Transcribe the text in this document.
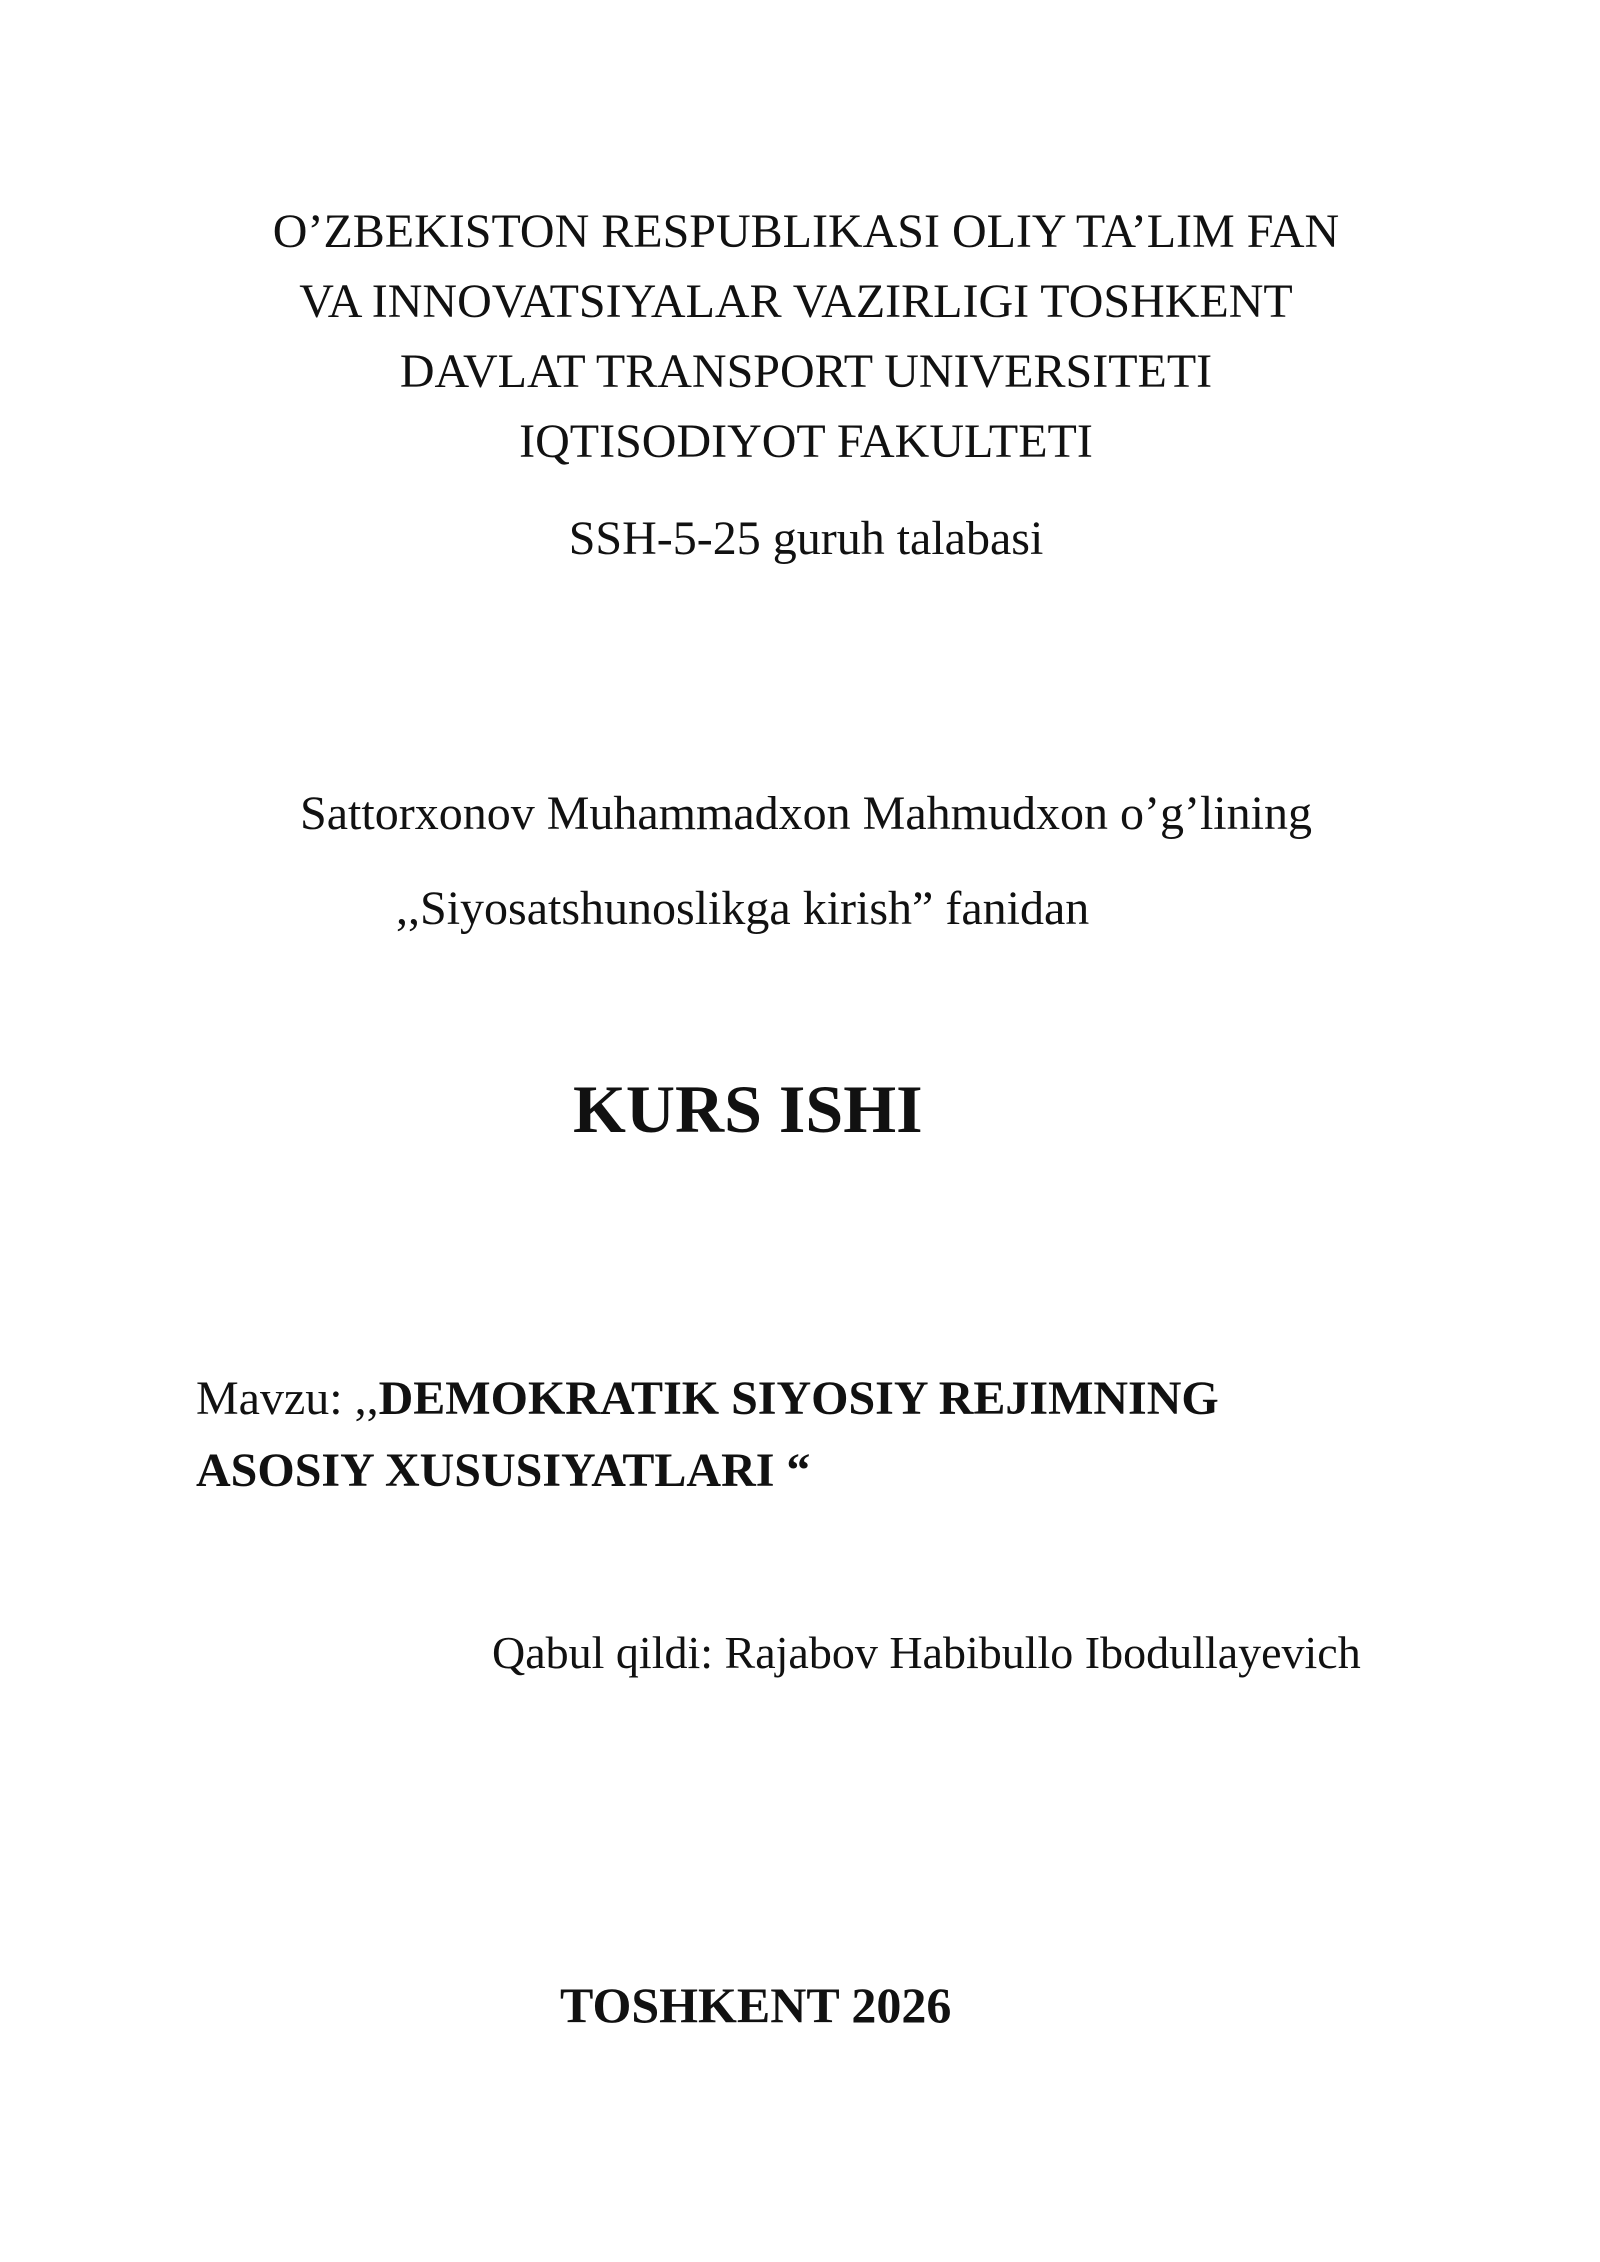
O’ZBEKISTON RESPUBLIKASI OLIY TA’LIM FAN
VA INNOVATSIYALAR VAZIRLIGI TOSHKENT
DAVLAT TRANSPORT UNIVERSITETI
IQTISODIYOT FAKULTETI
SSH-5-25 guruh talabasi
Sattorxonov Muhammadxon Mahmudxon o’g’lining
,,Siyosatshunoslikga kirish” fanidan
KURS ISHI
Mavzu: ,,DEMOKRATIK SIYOSIY REJIMNING
ASOSIY XUSUSIYATLARI “
Qabul qildi: Rajabov Habibullo Ibodullayevich
TOSHKENT 2026
